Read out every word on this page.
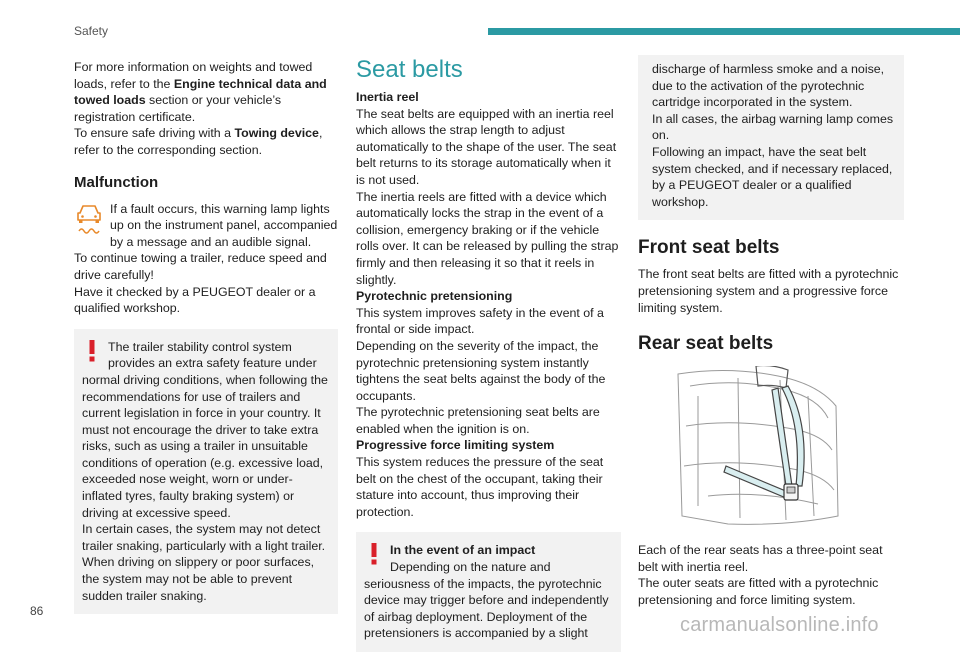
Safety

For more information on weights and towed loads, refer to the Engine technical data and towed loads section or your vehicle’s registration certificate.

To ensure safe driving with a Towing device, refer to the corresponding section.

Malfunction

If a fault occurs, this warning lamp lights up on the instrument panel, accompanied by a message and an audible signal.

To continue towing a trailer, reduce speed and drive carefully!

Have it checked by a PEUGEOT dealer or a qualified workshop.

The trailer stability control system provides an extra safety feature under normal driving conditions, when following the recommendations for use of trailers and current legislation in force in your country. It must not encourage the driver to take extra risks, such as using a trailer in unsuitable conditions of operation (e.g. excessive load, exceeded nose weight, worn or under-inflated tyres, faulty braking system) or driving at excessive speed.

In certain cases, the system may not detect trailer snaking, particularly with a light trailer. When driving on slippery or poor surfaces, the system may not be able to prevent sudden trailer snaking.

Seat belts

Inertia reel

The seat belts are equipped with an inertia reel which allows the strap length to adjust automatically to the shape of the user. The seat belt returns to its storage automatically when it is not used.

The inertia reels are fitted with a device which automatically locks the strap in the event of a collision, emergency braking or if the vehicle rolls over. It can be released by pulling the strap firmly and then releasing it so that it reels in slightly.

Pyrotechnic pretensioning

This system improves safety in the event of a frontal or side impact.

Depending on the severity of the impact, the pyrotechnic pretensioning system instantly tightens the seat belts against the body of the occupants.

The pyrotechnic pretensioning seat belts are enabled when the ignition is on.

Progressive force limiting system

This system reduces the pressure of the seat belt on the chest of the occupant, taking their stature into account, thus improving their protection.

In the event of an impact

Depending on the nature and seriousness of the impacts, the pyrotechnic device may trigger before and independently of airbag deployment. Deployment of the pretensioners is accompanied by a slight

discharge of harmless smoke and a noise, due to the activation of the pyrotechnic cartridge incorporated in the system.

In all cases, the airbag warning lamp comes on.

Following an impact, have the seat belt system checked, and if necessary replaced, by a PEUGEOT dealer or a qualified workshop.

Front seat belts

The front seat belts are fitted with a pyrotechnic pretensioning system and a progressive force limiting system.

Rear seat belts

Each of the rear seats has a three-point seat belt with inertia reel.

The outer seats are fitted with a pyrotechnic pretensioning and force limiting system.

86
carmanualsonline.info
